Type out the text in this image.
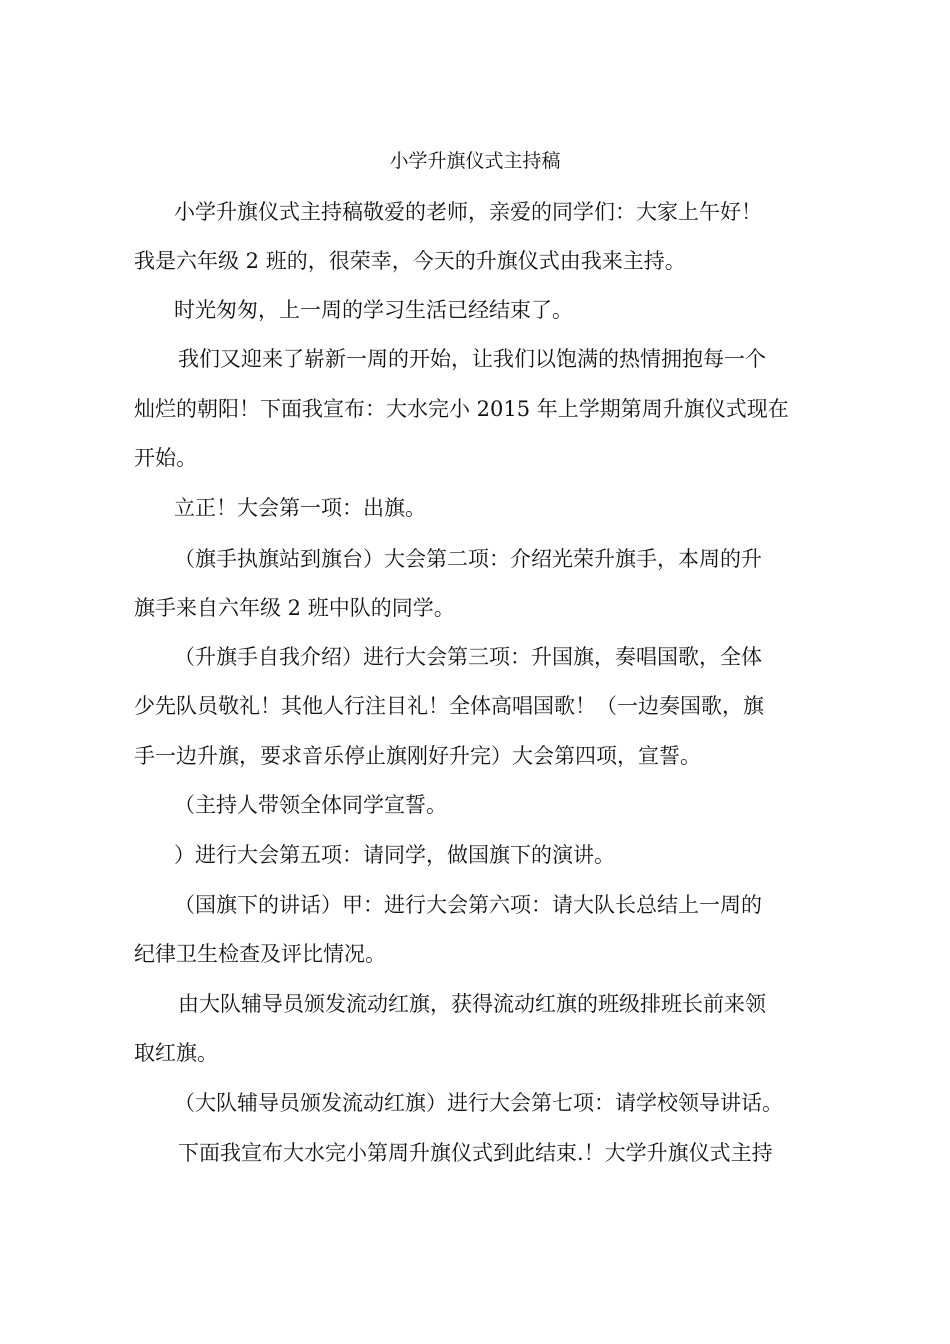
小学升旗仪式主持稿
小学升旗仪式主持稿敬爱的老师，亲爱的同学们：大家上午好！
我是六年级 2 班的，很荣幸，今天的升旗仪式由我来主持。
时光匆匆，上一周的学习生活已经结束了。
我们又迎来了崭新一周的开始，让我们以饱满的热情拥抱每一个
灿烂的朝阳！下面我宣布：大水完小 2015 年上学期第周升旗仪式现在
开始。
立正！大会第一项：出旗。
（旗手执旗站到旗台）大会第二项：介绍光荣升旗手，本周的升
旗手来自六年级 2 班中队的同学。
（升旗手自我介绍）进行大会第三项：升国旗，奏唱国歌，全体
少先队员敬礼！其他人行注目礼！全体高唱国歌！（一边奏国歌，旗
手一边升旗，要求音乐停止旗刚好升完）大会第四项，宣誓。
（主持人带领全体同学宣誓。
）进行大会第五项：请同学，做国旗下的演讲。
（国旗下的讲话）甲：进行大会第六项：请大队长总结上一周的
纪律卫生检查及评比情况。
由大队辅导员颁发流动红旗，获得流动红旗的班级排班长前来领
取红旗。
（大队辅导员颁发流动红旗）进行大会第七项：请学校领导讲话。
下面我宣布大水完小第周升旗仪式到此结束.！大学升旗仪式主持
